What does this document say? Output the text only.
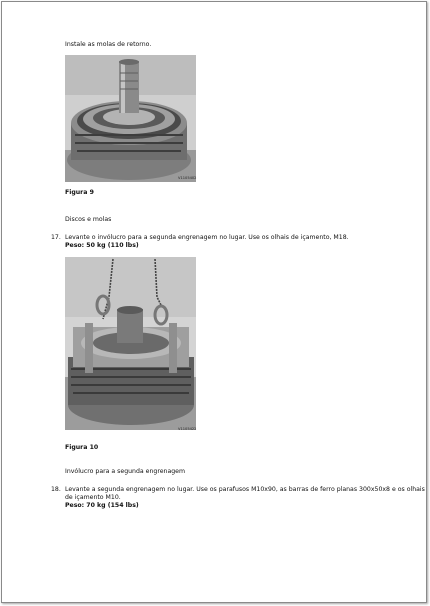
Instale as molas de retorno.
V1105402
Figura 9
Discos e molas
17. Levante o invólucro para a segunda engrenagem no lugar. Use os olhais de içamento, M18.
Peso: 50 kg (110 lbs)
V1105422
Figura 10
Invólucro para a segunda engrenagem
18. Levante a segunda engrenagem no lugar. Use os parafusos M10x90, as barras de ferro planas 300x50x8 e os olhais
de içamento M10.
Peso: 70 kg (154 lbs)
